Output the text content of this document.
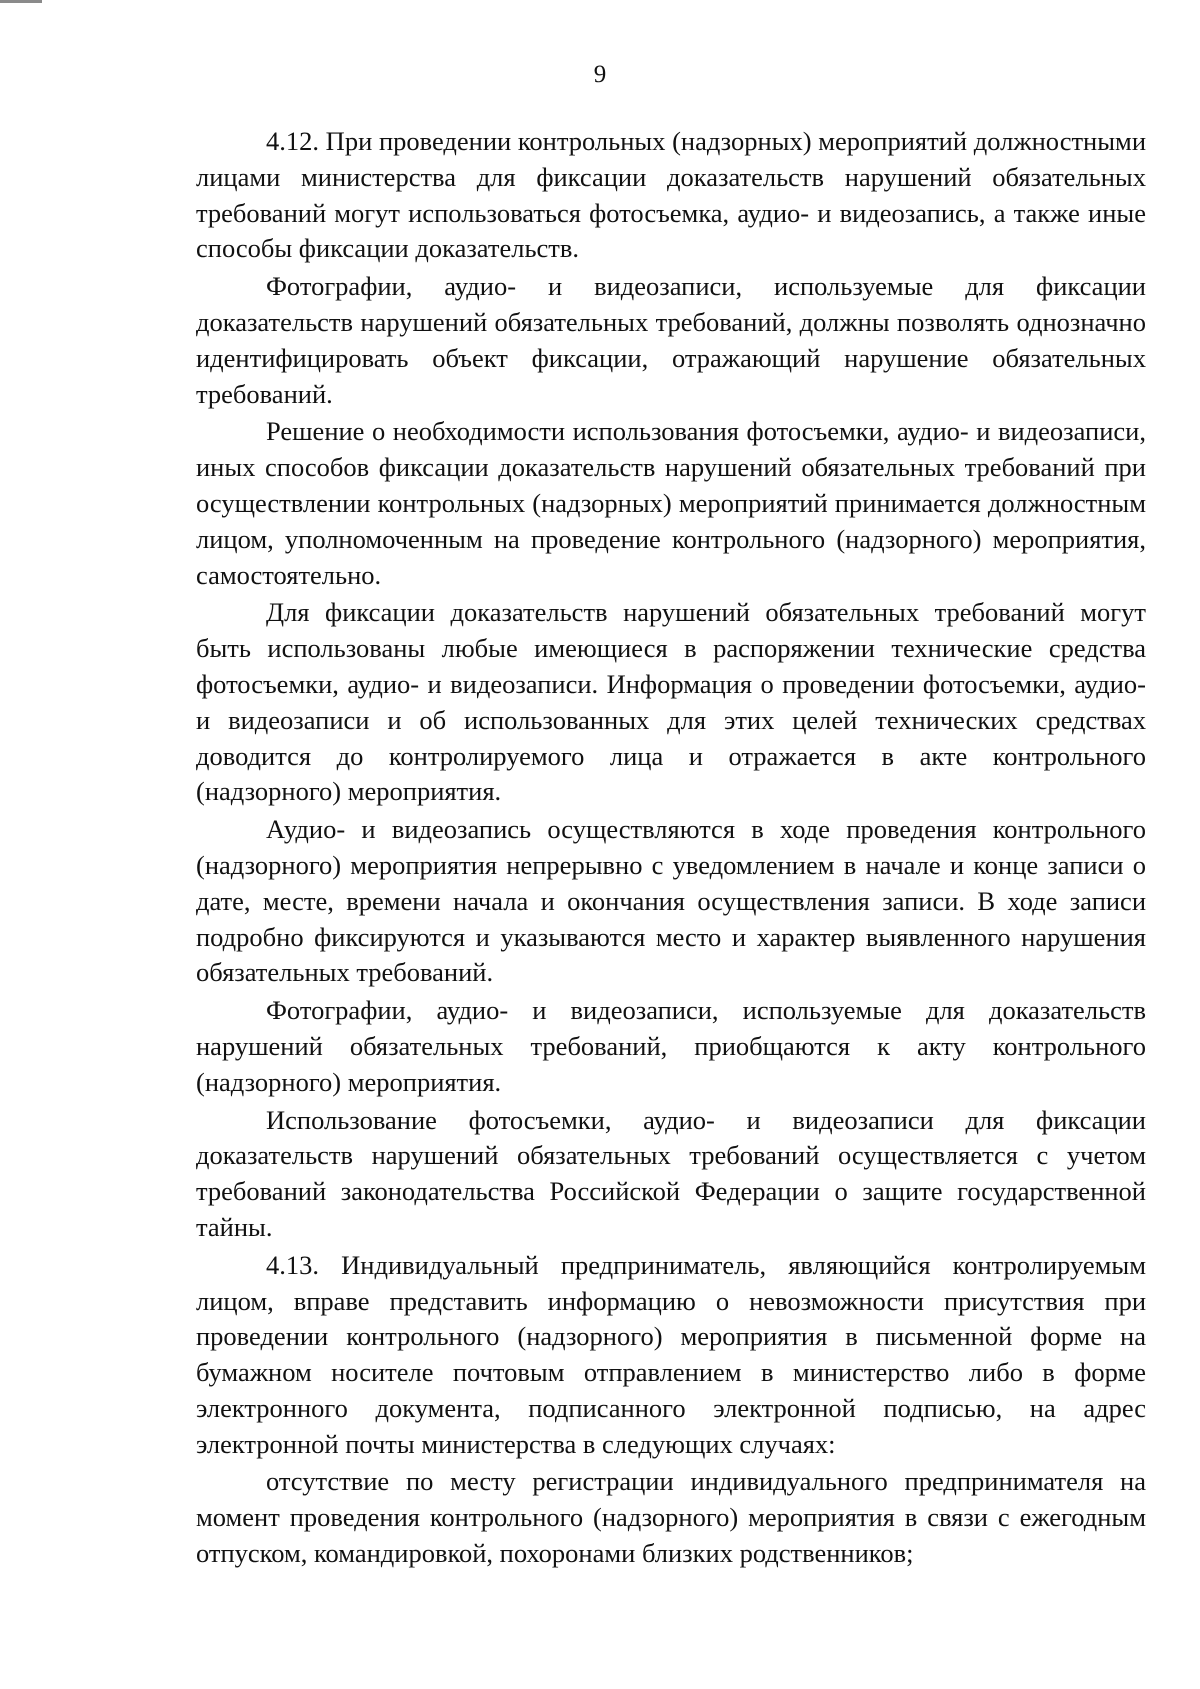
9

4.12. При проведении контрольных (надзорных) мероприятий должностными лицами министерства для фиксации доказательств нарушений обязательных требований могут использоваться фотосъемка, аудио- и видеозапись, а также иные способы фиксации доказательств.

Фотографии, аудио- и видеозаписи, используемые для фиксации доказательств нарушений обязательных требований, должны позволять однозначно идентифицировать объект фиксации, отражающий нарушение обязательных требований.

Решение о необходимости использования фотосъемки, аудио- и видеозаписи, иных способов фиксации доказательств нарушений обязательных требований при осуществлении контрольных (надзорных) мероприятий принимается должностным лицом, уполномоченным на проведение контрольного (надзорного) мероприятия, самостоятельно.

Для фиксации доказательств нарушений обязательных требований могут быть использованы любые имеющиеся в распоряжении технические средства фотосъемки, аудио- и видеозаписи. Информация о проведении фотосъемки, аудио- и видеозаписи и об использованных для этих целей технических средствах доводится до контролируемого лица и отражается в акте контрольного (надзорного) мероприятия.

Аудио- и видеозапись осуществляются в ходе проведения контрольного (надзорного) мероприятия непрерывно с уведомлением в начале и конце записи о дате, месте, времени начала и окончания осуществления записи. В ходе записи подробно фиксируются и указываются место и характер выявленного нарушения обязательных требований.

Фотографии, аудио- и видеозаписи, используемые для доказательств нарушений обязательных требований, приобщаются к акту контрольного (надзорного) мероприятия.

Использование фотосъемки, аудио- и видеозаписи для фиксации доказательств нарушений обязательных требований осуществляется с учетом требований законодательства Российской Федерации о защите государственной тайны.

4.13. Индивидуальный предприниматель, являющийся контролируемым лицом, вправе представить информацию о невозможности присутствия при проведении контрольного (надзорного) мероприятия в письменной форме на бумажном носителе почтовым отправлением в министерство либо в форме электронного документа, подписанного электронной подписью, на адрес электронной почты министерства в следующих случаях:

отсутствие по месту регистрации индивидуального предпринимателя на момент проведения контрольного (надзорного) мероприятия в связи с ежегодным отпуском, командировкой, похоронами близких родственников;
